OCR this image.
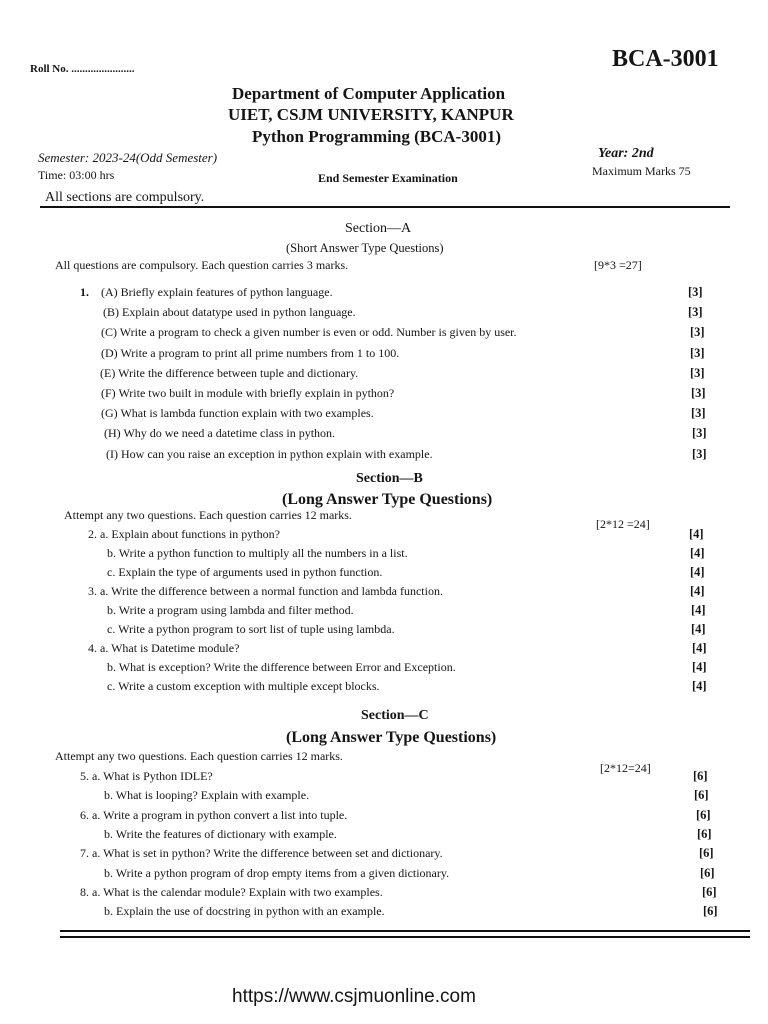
Roll No. .......................	BCA-3001
Department of Computer Application
UIET, CSJM UNIVERSITY, KANPUR
Python Programming (BCA-3001)
Semester: 2023-24(Odd Semester)	Year: 2nd
Time: 03:00 hrs	End Semester Examination	Maximum Marks 75
All sections are compulsory.
Section—A
(Short Answer Type Questions)
All questions are compulsory. Each question carries 3 marks.	[9*3 =27]
1. (A) Briefly explain features of python language.	[3]
(B) Explain about datatype used in python language.	[3]
(C) Write a program to check a given number is even or odd. Number is given by user.	[3]
(D) Write a program to print all prime numbers from 1 to 100.	[3]
(E) Write the difference between tuple and dictionary.	[3]
(F) Write two built in module with briefly explain in python?	[3]
(G) What is lambda function explain with two examples.	[3]
(H) Why do we need a datetime class in python.	[3]
(I) How can you raise an exception in python explain with example.	[3]
Section—B
(Long Answer Type Questions)
Attempt any two questions. Each question carries 12 marks.
[2*12 =24]
2. a. Explain about functions in python?	[4]
b. Write a python function to multiply all the numbers in a list.	[4]
c. Explain the type of arguments used in python function.	[4]
3. a. Write the difference between a normal function and lambda function.	[4]
b. Write a program using lambda and filter method.	[4]
c. Write a python program to sort list of tuple using lambda.	[4]
4. a. What is Datetime module?	[4]
b. What is exception? Write the difference between Error and Exception.	[4]
c. Write a custom exception with multiple except blocks.	[4]
Section—C
(Long Answer Type Questions)
Attempt any two questions. Each question carries 12 marks.
[2*12=24]
5. a. What is Python IDLE?	[6]
b. What is looping? Explain with example.	[6]
6. a. Write a program in python convert a list into tuple.	[6]
b. Write the features of dictionary with example.	[6]
7. a. What is set in python? Write the difference between set and dictionary.	[6]
b. Write a python program of drop empty items from a given dictionary.	[6]
8. a. What is the calendar module? Explain with two examples.	[6]
b. Explain the use of docstring in python with an example.	[6]
https://www.csjmuonline.com
